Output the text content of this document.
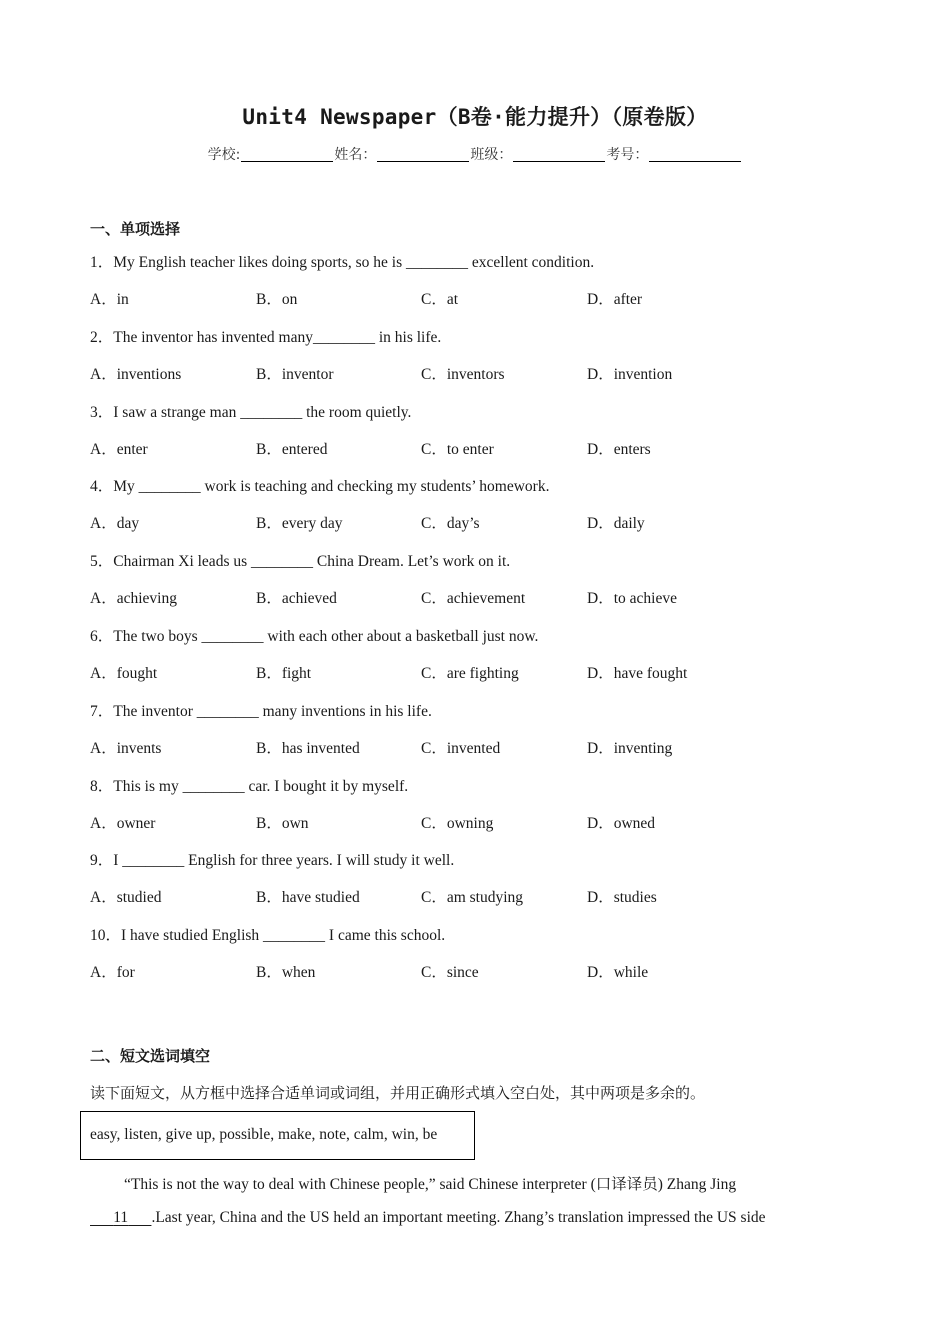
Unit4 Newspaper（B卷·能力提升）（原卷版）
学校:	姓名：	班级：	考号：
一、单项选择
1．My English teacher likes doing sports, so he is ________ excellent condition.
A．in	B．on	C．at	D．after
2．The inventor has invented many________ in his life.
A．inventions	B．inventor	C．inventors	D．invention
3．I saw a strange man ________ the room quietly.
A．enter	B．entered	C．to enter	D．enters
4．My ________ work is teaching and checking my students’ homework.
A．day	B．every day	C．day’s	D．daily
5．Chairman Xi leads us ________ China Dream. Let’s work on it.
A．achieving	B．achieved	C．achievement	D．to achieve
6．The two boys ________ with each other about a basketball just now.
A．fought	B．fight	C．are fighting	D．have fought
7．The inventor ________ many inventions in his life.
A．invents	B．has invented	C．invented	D．inventing
8．This is my ________ car. I bought it by myself.
A．owner	B．own	C．owning	D．owned
9．I ________ English for three years. I will study it well.
A．studied	B．have studied	C．am studying	D．studies
10．I have studied English ________ I came this school.
A．for	B．when	C．since	D．while
二、短文选词填空
读下面短文，从方框中选择合适单词或词组，并用正确形式填入空白处，其中两项是多余的。
easy, listen, give up, possible, make, note, calm, win, be
“This is not the way to deal with Chinese people,” said Chinese interpreter (口译译员) Zhang Jing
11 .Last year, China and the US held an important meeting. Zhang’s translation impressed the US side
